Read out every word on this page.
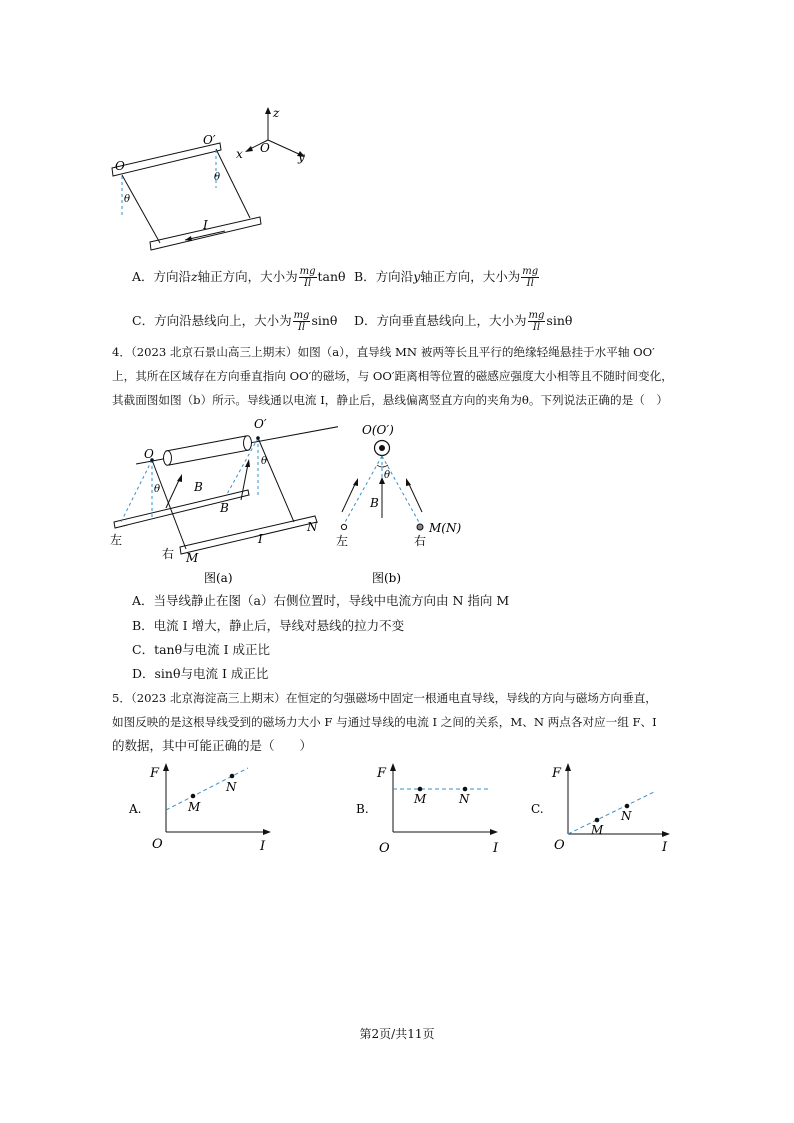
O
O′
θ
θ
I
z
x O
y
A．方向沿z轴正方向，大小为 $\frac{mg}{Il}$ tanθ B．方向沿y轴正方向，大小为 $\frac{mg}{Il}$
C．方向沿悬线向上，大小为 $\frac{mg}{Il}$ sinθ D．方向垂直悬线向上，大小为 $\frac{mg}{Il}$ sinθ
4．（2023 北京石景山高三上期末）如图（a），直导线 MN 被两等长且平行的绝缘轻绳悬挂于水平轴 OO′
上，其所在区域存在方向垂直指向 OO′的磁场，与 OO′距离相等位置的磁感应强度大小相等且不随时间变化，
其截面图如图（b）所示。导线通以电流 I，静止后，悬线偏离竖直方向的夹角为θ。下列说法正确的是（　）
O
O′
θ
θ
B
B
N
I
M
左
右
图(a)
O(O′)
θ
B
左	右
M(N)
图(b)
A．当导线静止在图（a）右侧位置时，导线中电流方向由 N 指向 M
B．电流 I 增大，静止后，导线对悬线的拉力不变
C．tanθ与电流 I 成正比
D．sinθ与电流 I 成正比
5．（2023 北京海淀高三上期末）在恒定的匀强磁场中固定一根通电直导线，导线的方向与磁场方向垂直，
如图反映的是这根导线受到的磁场力大小 F 与通过导线的电流 I 之间的关系，M、N 两点各对应一组 F、I
的数据，其中可能正确的是（　　）
A.
F
I
O
M
N
B.
F
I
O
M	N
C.
F
I
O
M
N
第2页/共11页
